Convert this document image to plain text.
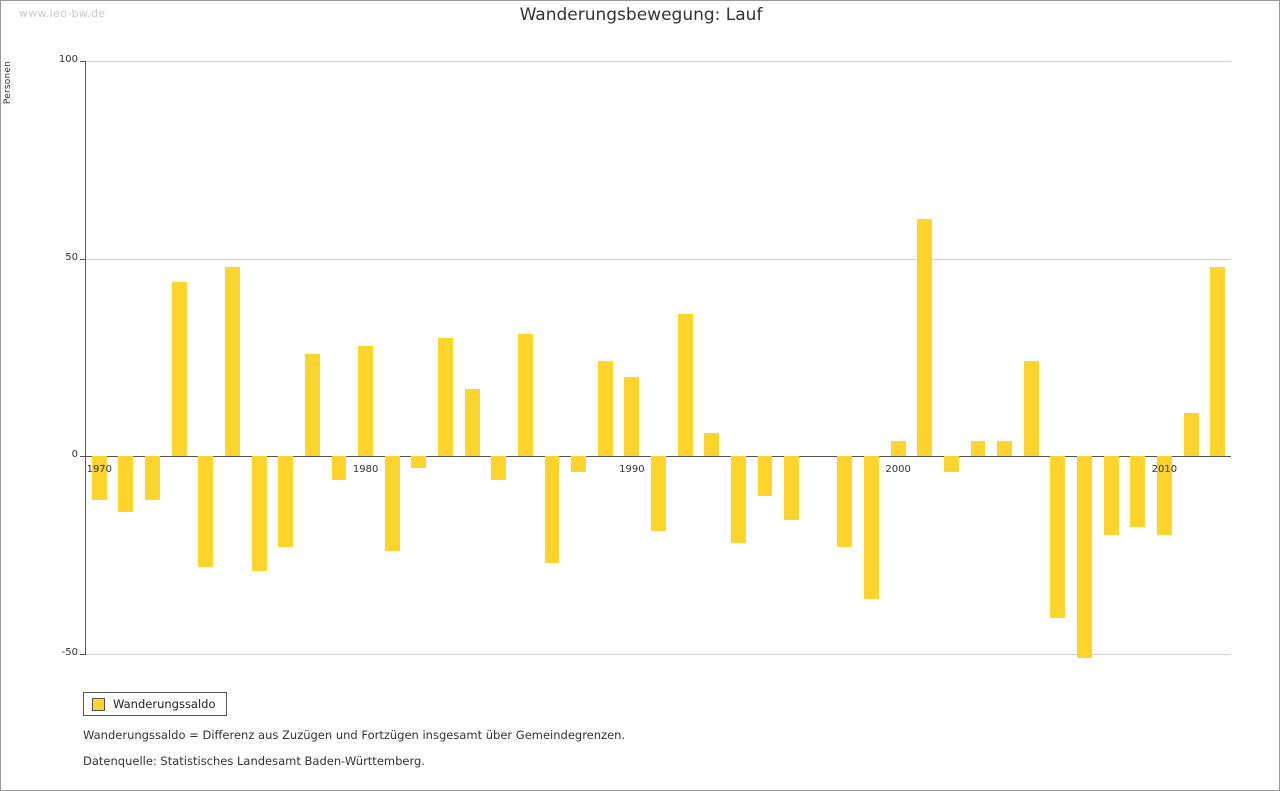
www.leo-bw.de	Wanderungsbewegung: Lauf
Personen
-50
0
50
100
1970	1980	1990	2000	2010
Wanderungssaldo
Wanderungssaldo = Differenz aus Zuzügen und Fortzügen insgesamt über Gemeindegrenzen.
Datenquelle: Statistisches Landesamt Baden-Württemberg.
